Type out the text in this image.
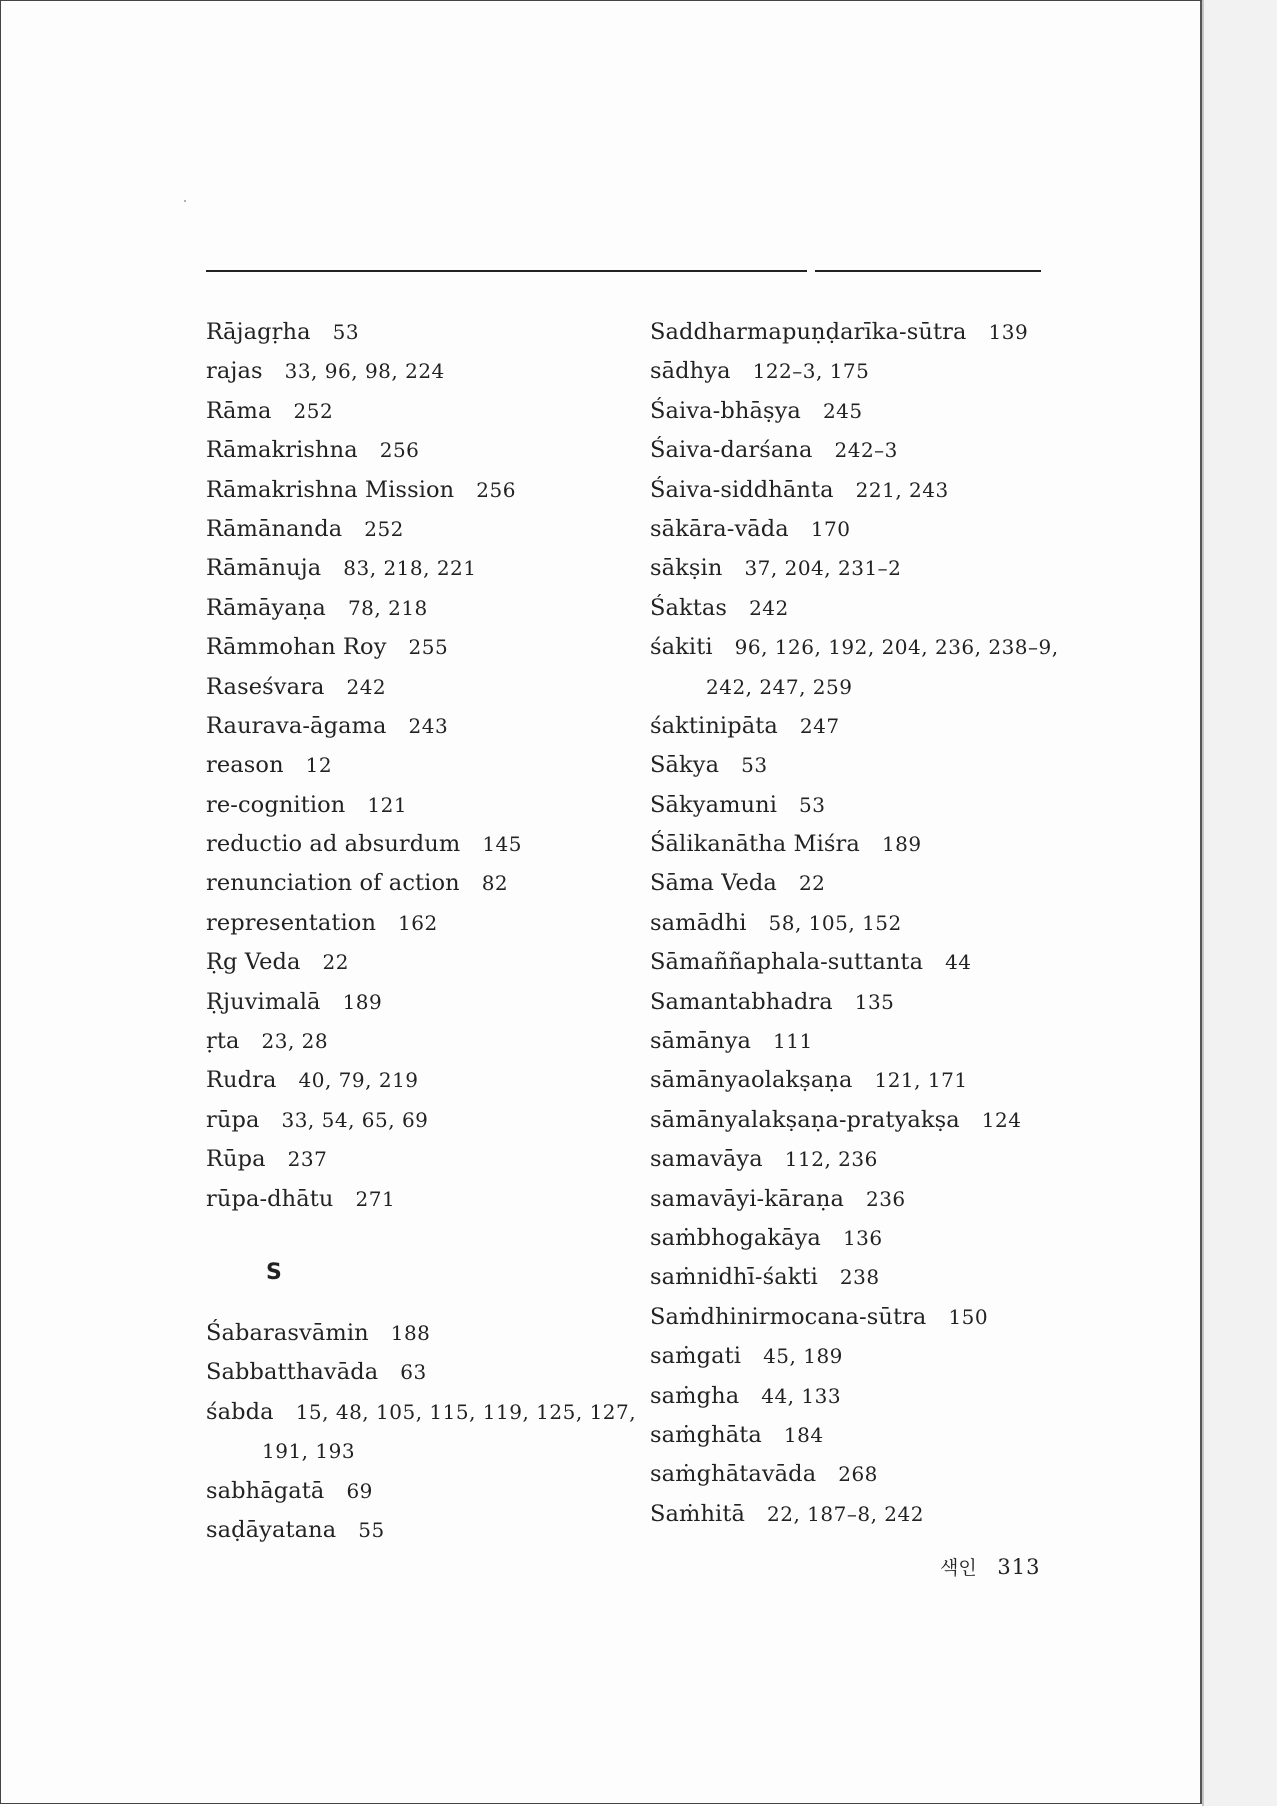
Rājagṛha 53
rajas 33, 96, 98, 224
Rāma 252
Rāmakrishna 256
Rāmakrishna Mission 256
Rāmānanda 252
Rāmānuja 83, 218, 221
Rāmāyaṇa 78, 218
Rāmmohan Roy 255
Raseśvara 242
Raurava-āgama 243
reason 12
re-cognition 121
reductio ad absurdum 145
renunciation of action 82
representation 162
Ṛg Veda 22
Ṛjuvimalā 189
ṛta 23, 28
Rudra 40, 79, 219
rūpa 33, 54, 65, 69
Rūpa 237
rūpa-dhātu 271
S
Śabarasvāmin 188
Sabbatthavāda 63
śabda 15, 48, 105, 115, 119, 125, 127,
191, 193
sabhāgatā 69
saḍāyatana 55
Saddharmapuṇḍarīka-sūtra 139
sādhya 122–3, 175
Śaiva-bhāṣya 245
Śaiva-darśana 242–3
Śaiva-siddhānta 221, 243
sākāra-vāda 170
sākṣin 37, 204, 231–2
Śaktas 242
śakiti 96, 126, 192, 204, 236, 238–9,
242, 247, 259
śaktinipāta 247
Sākya 53
Sākyamuni 53
Śālikanātha Miśra 189
Sāma Veda 22
samādhi 58, 105, 152
Sāmaññaphala-suttanta 44
Samantabhadra 135
sāmānya 111
sāmānyaolakṣaṇa 121, 171
sāmānyalakṣaṇa-pratyakṣa 124
samavāya 112, 236
samavāyi-kāraṇa 236
saṁbhogakāya 136
saṁnidhī-śakti 238
Saṁdhinirmocana-sūtra 150
saṁgati 45, 189
saṁgha 44, 133
saṁghāta 184
saṁghātavāda 268
Saṁhitā 22, 187–8, 242
색인 313
